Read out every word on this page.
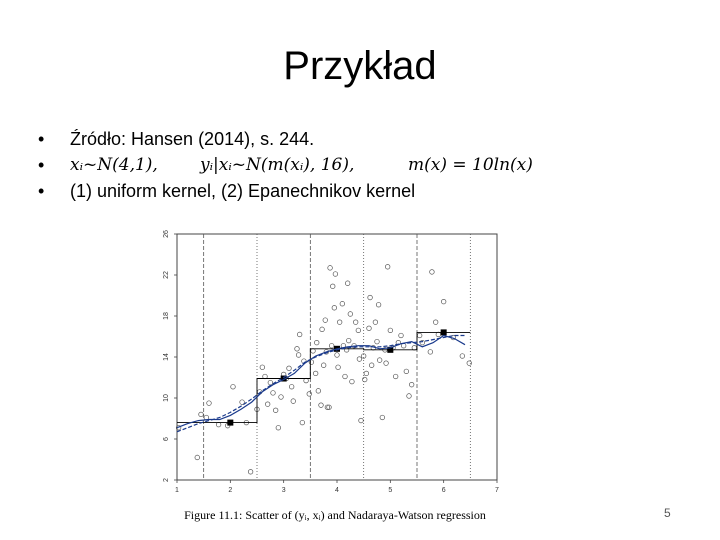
Przykład
•	Źródło: Hansen (2014), s. 244.
•	xᵢ~N(4,1), yᵢ|xᵢ~N(m(xᵢ), 16),	m(x) = 10ln(x)
•	(1) uniform kernel, (2) Epanechnikov kernel
1	2	3	4	5	6	7
2
6
10
14
18
22
26
Figure 11.1: Scatter of (yᵢ, xᵢ) and Nadaraya-Watson regression	5
